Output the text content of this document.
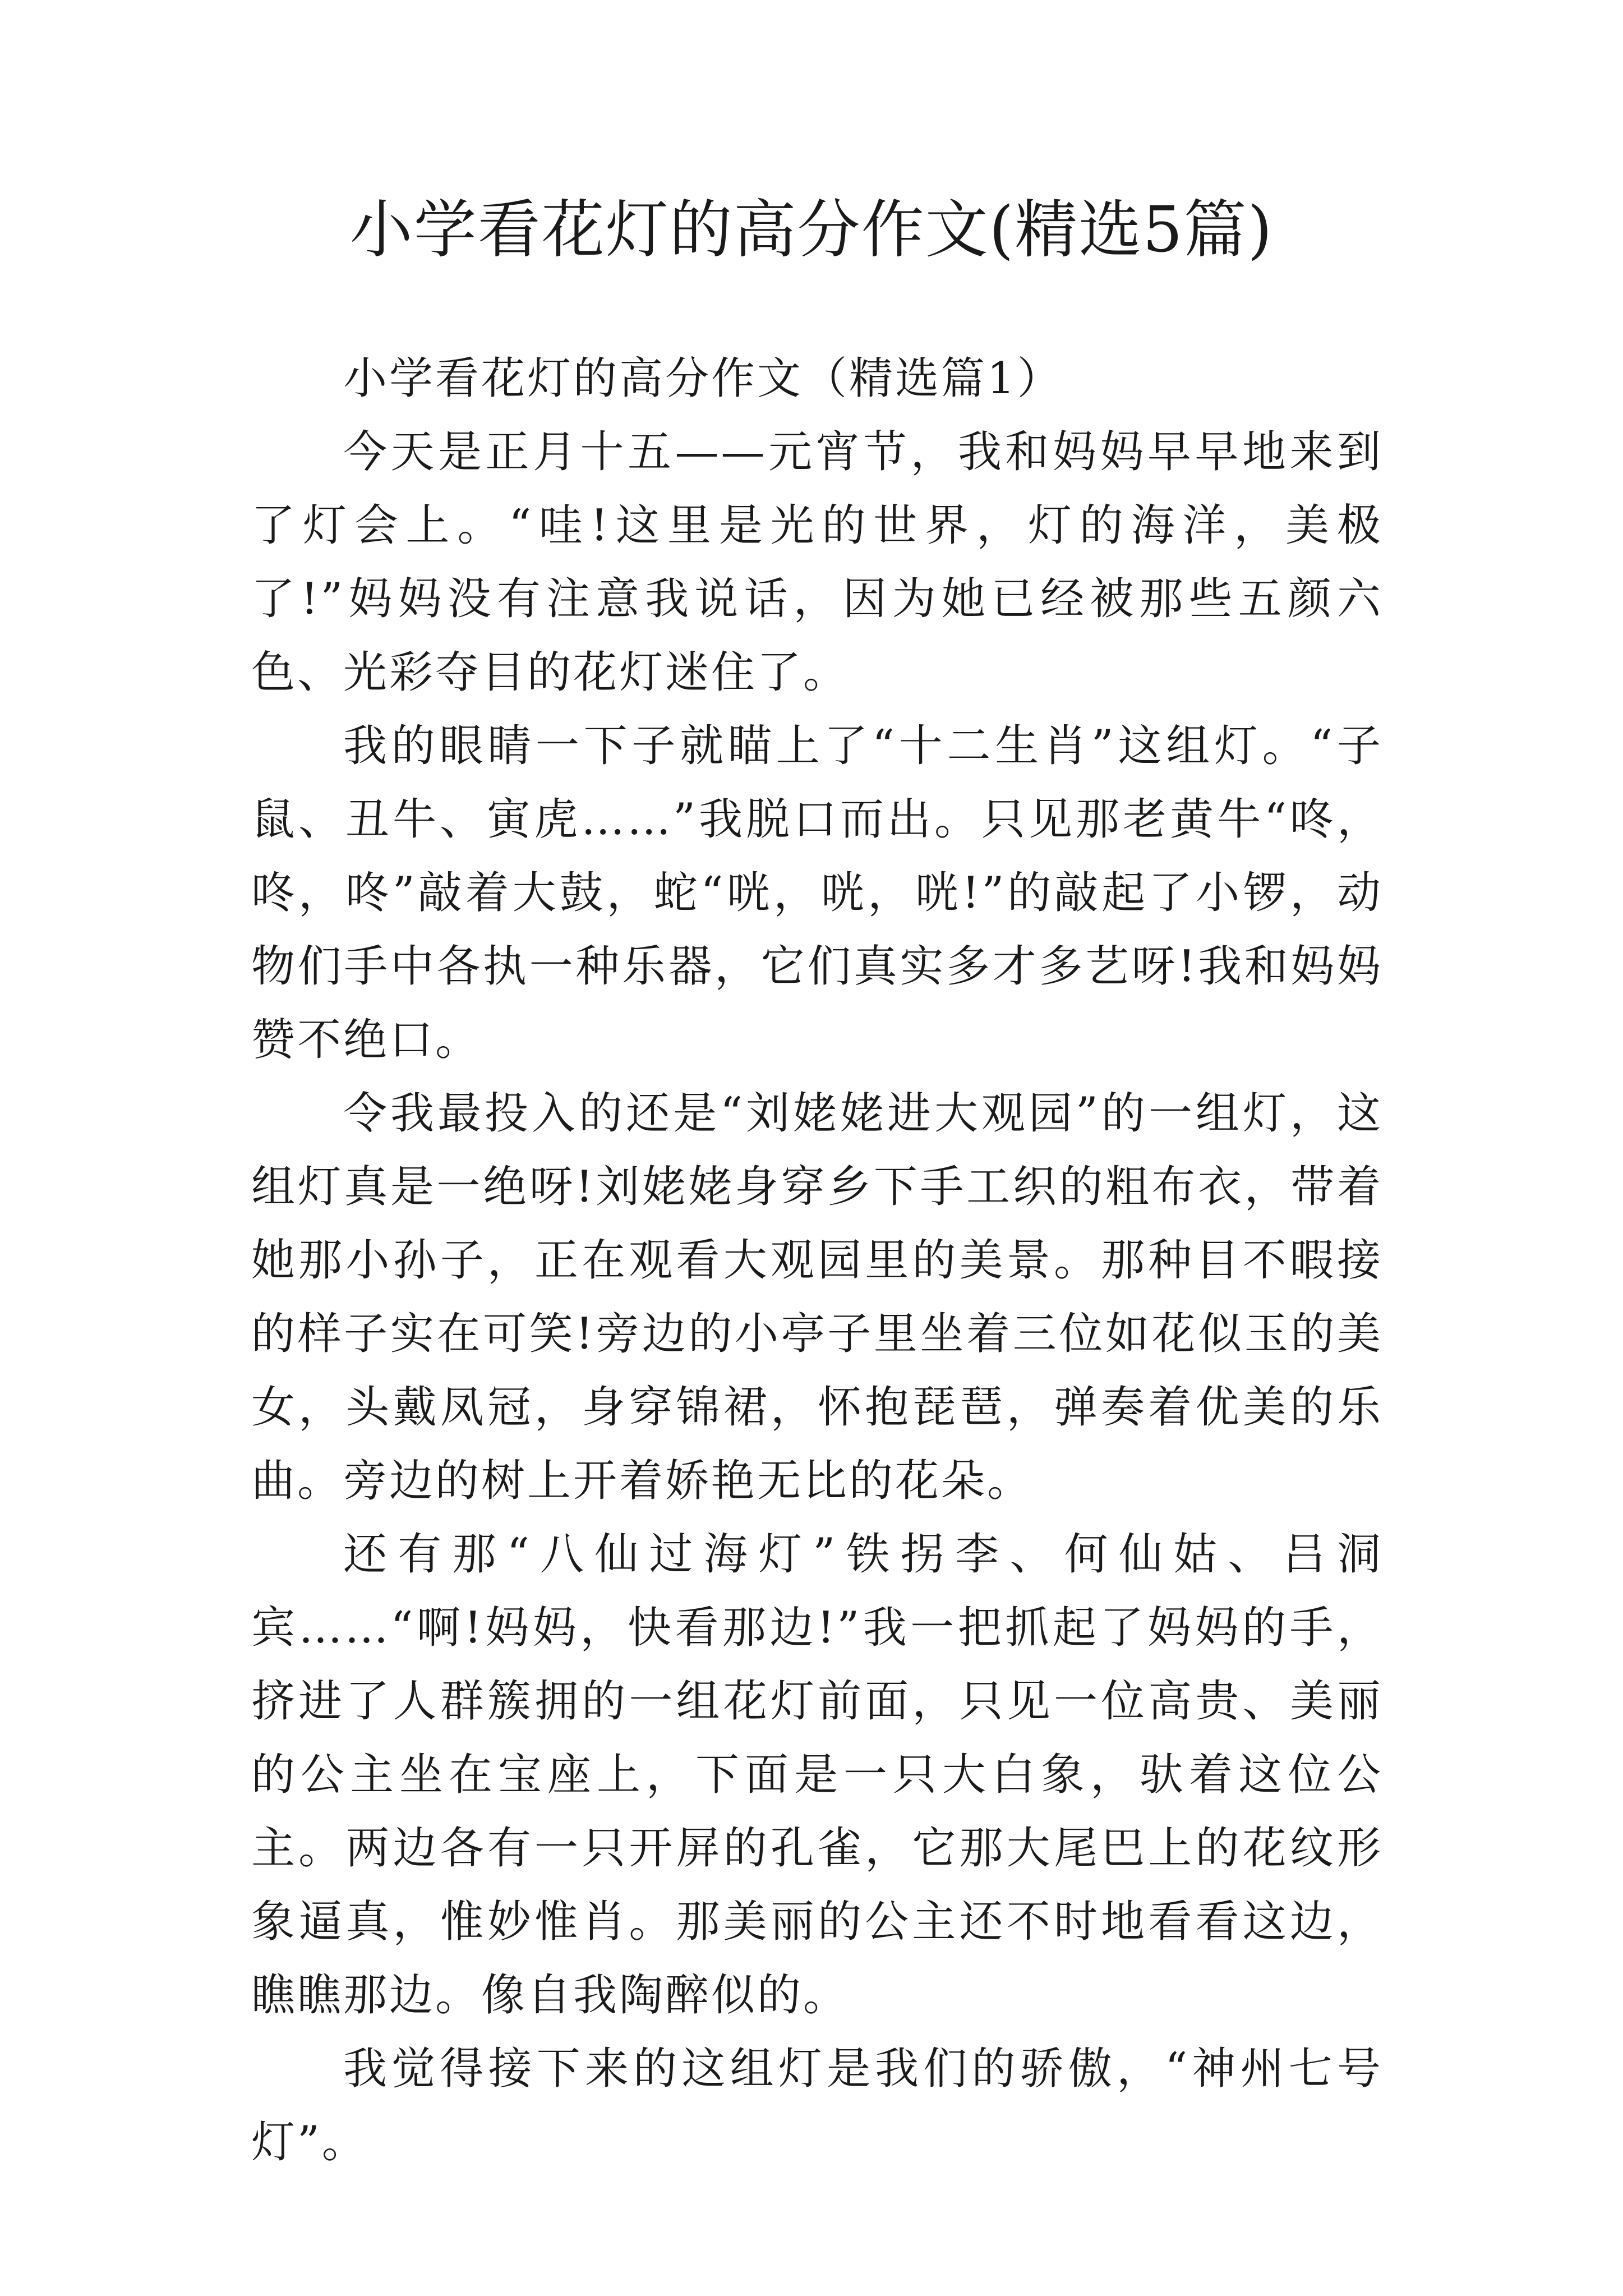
小学看花灯的高分作文(精选5篇)

小学看花灯的高分作文（精选篇1）

今天是正月十五——元宵节，我和妈妈早早地来到了灯会上。“哇!这里是光的世界，灯的海洋，美极了!”妈妈没有注意我说话，因为她已经被那些五颜六色、光彩夺目的花灯迷住了。

我的眼睛一下子就瞄上了“十二生肖”这组灯。“子鼠、丑牛、寅虎……”我脱口而出。只见那老黄牛“咚，咚，咚”敲着大鼓，蛇“咣，咣，咣!”的敲起了小锣，动物们手中各执一种乐器，它们真实多才多艺呀!我和妈妈赞不绝口。

令我最投入的还是“刘姥姥进大观园”的一组灯，这组灯真是一绝呀!刘姥姥身穿乡下手工织的粗布衣，带着她那小孙子，正在观看大观园里的美景。那种目不暇接的样子实在可笑!旁边的小亭子里坐着三位如花似玉的美女，头戴凤冠，身穿锦裙，怀抱琵琶，弹奏着优美的乐曲。旁边的树上开着娇艳无比的花朵。

还有那“八仙过海灯”铁拐李、何仙姑、吕洞宾……“啊!妈妈，快看那边!”我一把抓起了妈妈的手，挤进了人群簇拥的一组花灯前面，只见一位高贵、美丽的公主坐在宝座上，下面是一只大白象，驮着这位公主。两边各有一只开屏的孔雀，它那大尾巴上的花纹形象逼真，惟妙惟肖。那美丽的公主还不时地看看这边，瞧瞧那边。像自我陶醉似的。

我觉得接下来的这组灯是我们的骄傲，“神州七号灯”。
